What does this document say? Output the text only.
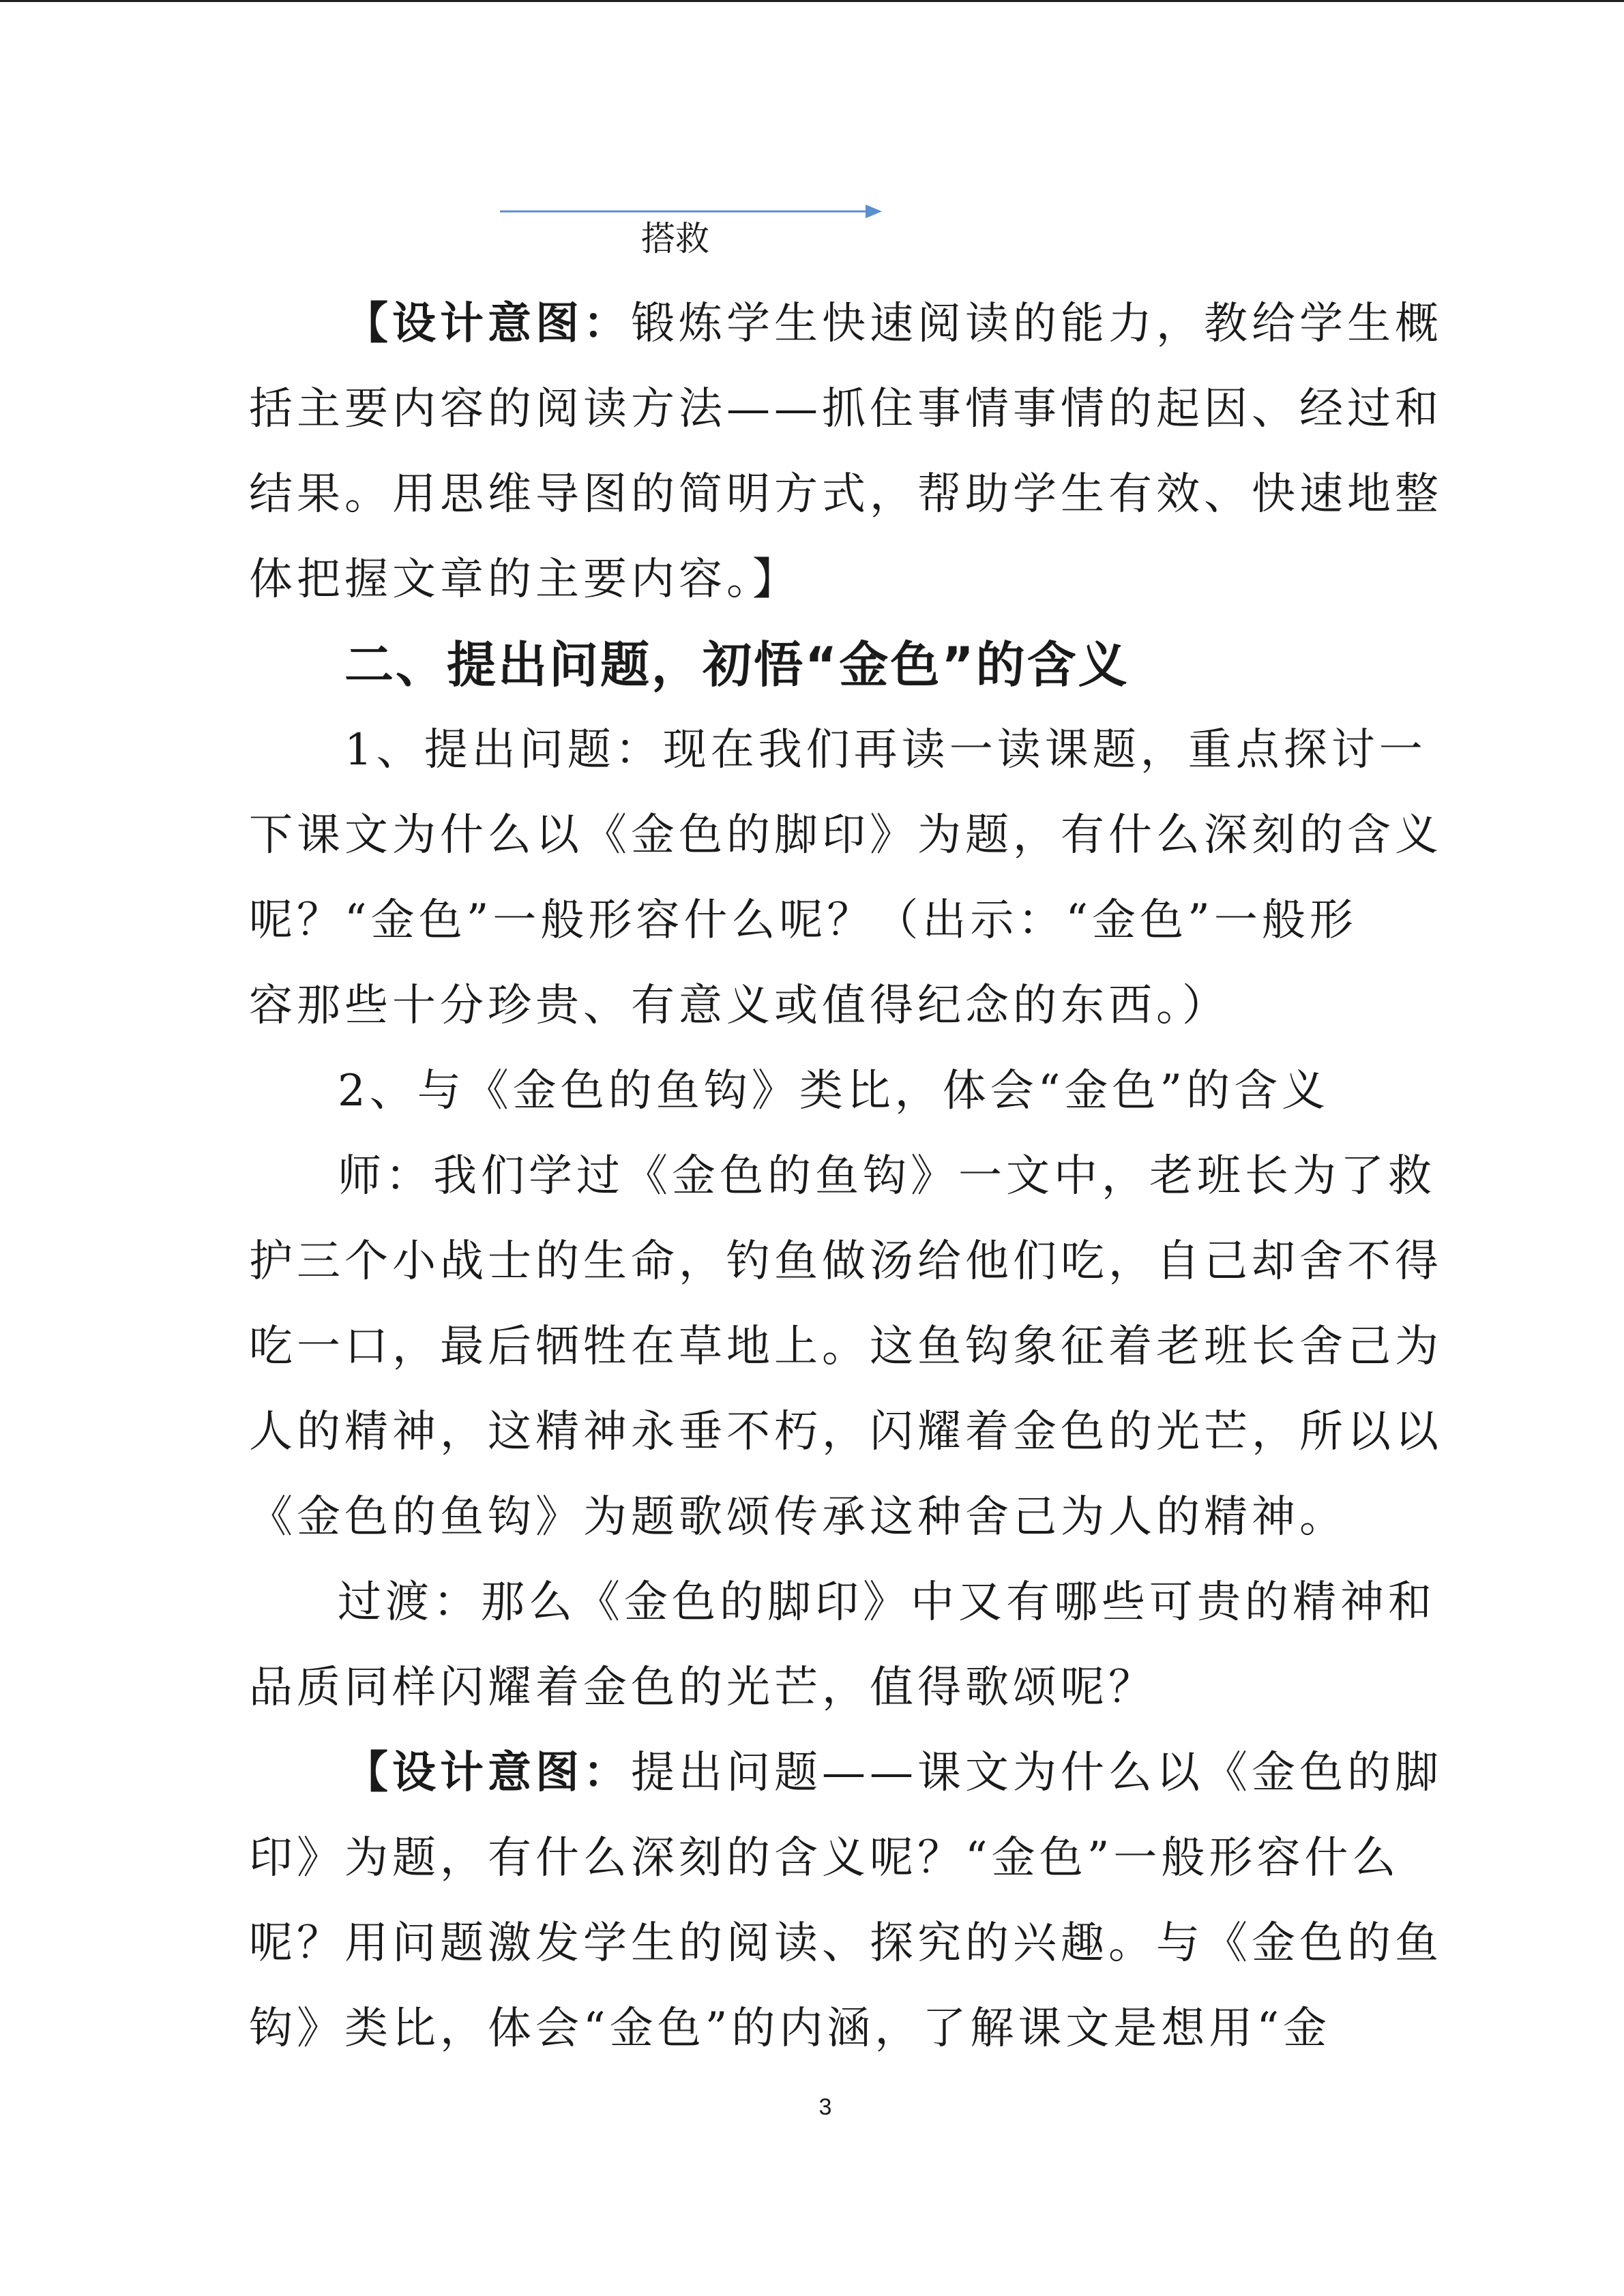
搭救
【设计意图：锻炼学生快速阅读的能力，教给学生概
括主要内容的阅读方法——抓住事情事情的起因、经过和
结果。用思维导图的简明方式，帮助学生有效、快速地整
体把握文章的主要内容。】
二、提出问题，初悟“金色”的含义
1、提出问题：现在我们再读一读课题，重点探讨一
下课文为什么以《金色的脚印》为题，有什么深刻的含义
呢？“金色”一般形容什么呢？（出示：“金色”一般形
容那些十分珍贵、有意义或值得纪念的东西。）
2、与《金色的鱼钩》类比，体会“金色”的含义
师：我们学过《金色的鱼钩》一文中，老班长为了救
护三个小战士的生命，钓鱼做汤给他们吃，自己却舍不得
吃一口，最后牺牲在草地上。这鱼钩象征着老班长舍己为
人的精神，这精神永垂不朽，闪耀着金色的光芒，所以以
《金色的鱼钩》为题歌颂传承这种舍己为人的精神。
过渡：那么《金色的脚印》中又有哪些可贵的精神和
品质同样闪耀着金色的光芒，值得歌颂呢？
【设计意图：提出问题——课文为什么以《金色的脚
印》为题，有什么深刻的含义呢？“金色”一般形容什么
呢？用问题激发学生的阅读、探究的兴趣。与《金色的鱼
钩》类比，体会“金色”的内涵，了解课文是想用“金
3
